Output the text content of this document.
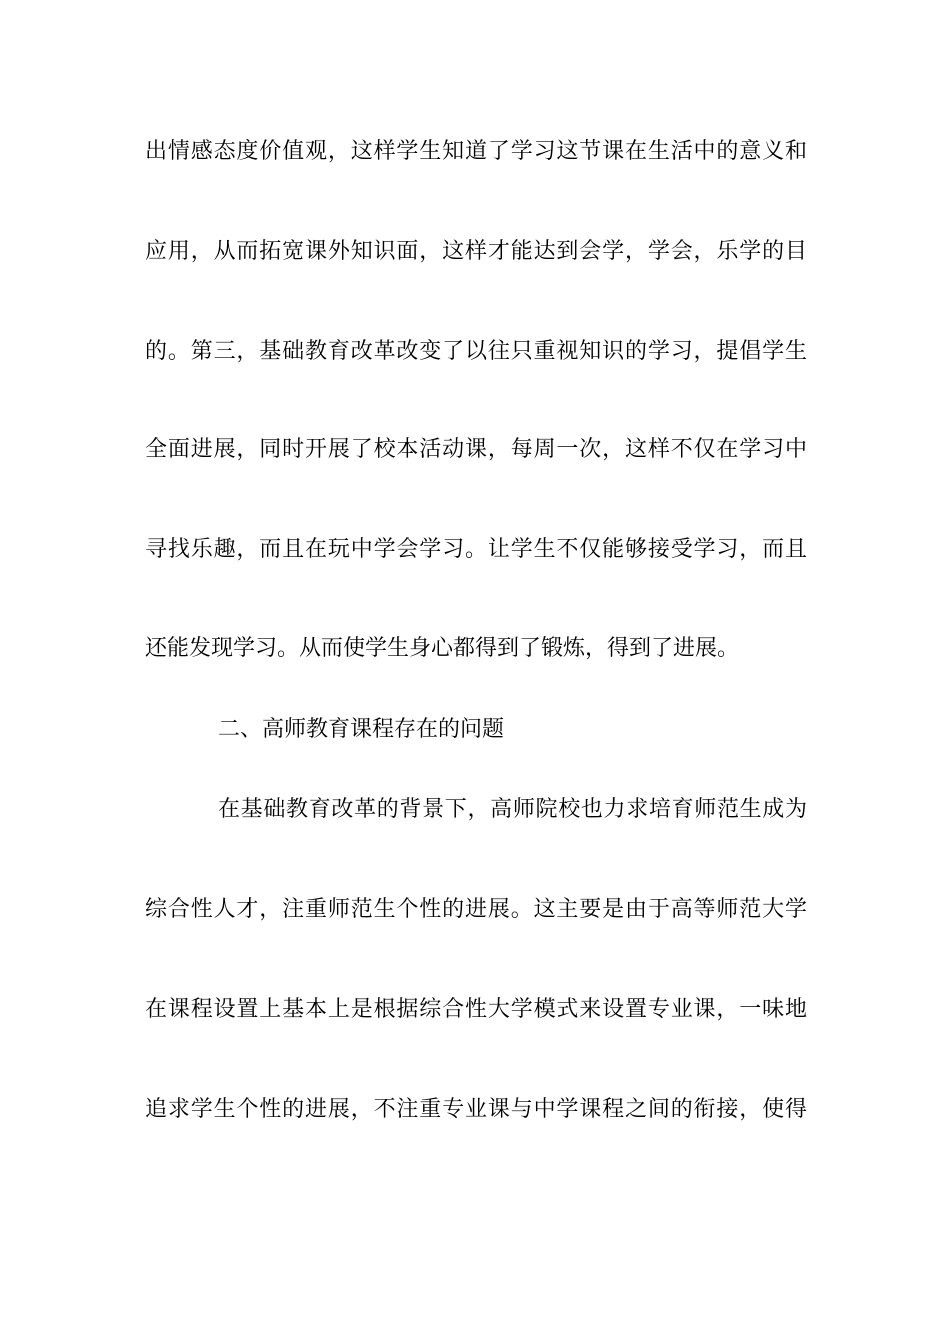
出情感态度价值观，这样学生知道了学习这节课在生活中的意义和
应用，从而拓宽课外知识面，这样才能达到会学，学会，乐学的目
的。第三，基础教育改革改变了以往只重视知识的学习，提倡学生
全面进展，同时开展了校本活动课，每周一次，这样不仅在学习中
寻找乐趣，而且在玩中学会学习。让学生不仅能够接受学习，而且
还能发现学习。从而使学生身心都得到了锻炼，得到了进展。
二、高师教育课程存在的问题
在基础教育改革的背景下，高师院校也力求培育师范生成为
综合性人才，注重师范生个性的进展。这主要是由于高等师范大学
在课程设置上基本上是根据综合性大学模式来设置专业课，一味地
追求学生个性的进展，不注重专业课与中学课程之间的衔接，使得
